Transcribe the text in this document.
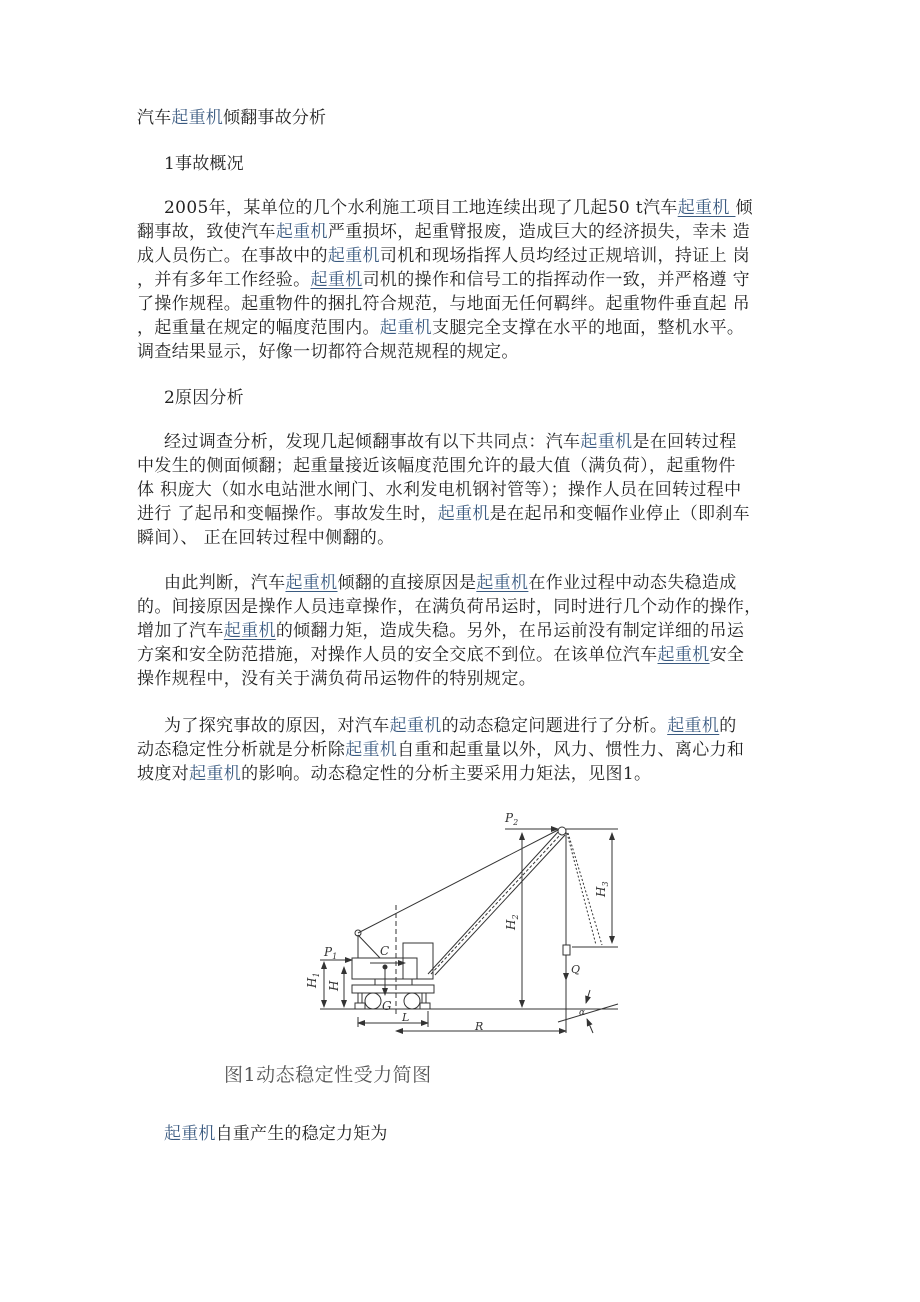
汽车起重机倾翻事故分析
1事故概况
2005年，某单位的几个水利施工项目工地连续出现了几起50 t汽车起重机 倾
翻事故，致使汽车起重机严重损坏，起重臂报废，造成巨大的经济损失，幸未 造
成人员伤亡。在事故中的起重机司机和现场指挥人员均经过正规培训，持证上 岗
，并有多年工作经验。起重机司机的操作和信号工的指挥动作一致，并严格遵 守
了操作规程。起重物件的捆扎符合规范，与地面无任何羁绊。起重物件垂直起 吊
，起重量在规定的幅度范围内。起重机支腿完全支撑在水平的地面，整机水平。
调查结果显示，好像一切都符合规范规程的规定。
2原因分析
经过调查分析，发现几起倾翻事故有以下共同点：汽车起重机是在回转过程
中发生的侧面倾翻；起重量接近该幅度范围允许的最大值（满负荷），起重物件
体 积庞大（如水电站泄水闸门、水利发电机钢衬管等）；操作人员在回转过程中
进行 了起吊和变幅操作。事故发生时，起重机是在起吊和变幅作业停止（即刹车
瞬间）、 正在回转过程中侧翻的。
由此判断，汽车起重机倾翻的直接原因是起重机在作业过程中动态失稳造成
的。间接原因是操作人员违章操作，在满负荷吊运时，同时进行几个动作的操作，
增加了汽车起重机的倾翻力矩，造成失稳。另外，在吊运前没有制定详细的吊运
方案和安全防范措施，对操作人员的安全交底不到位。在该单位汽车起重机安全
操作规程中，没有关于满负荷吊运物件的特别规定。
为了探究事故的原因，对汽车起重机的动态稳定问题进行了分析。起重机的
动态稳定性分析就是分析除起重机自重和起重量以外，风力、惯性力、离心力和
坡度对起重机的影响。动态稳定性的分析主要采用力矩法，见图1。
$P_2$
$P_1$	C
G
L
R
Q
α
$H_1$
H
$H_2$
$H_3$
图1动态稳定性受力简图
起重机自重产生的稳定力矩为
